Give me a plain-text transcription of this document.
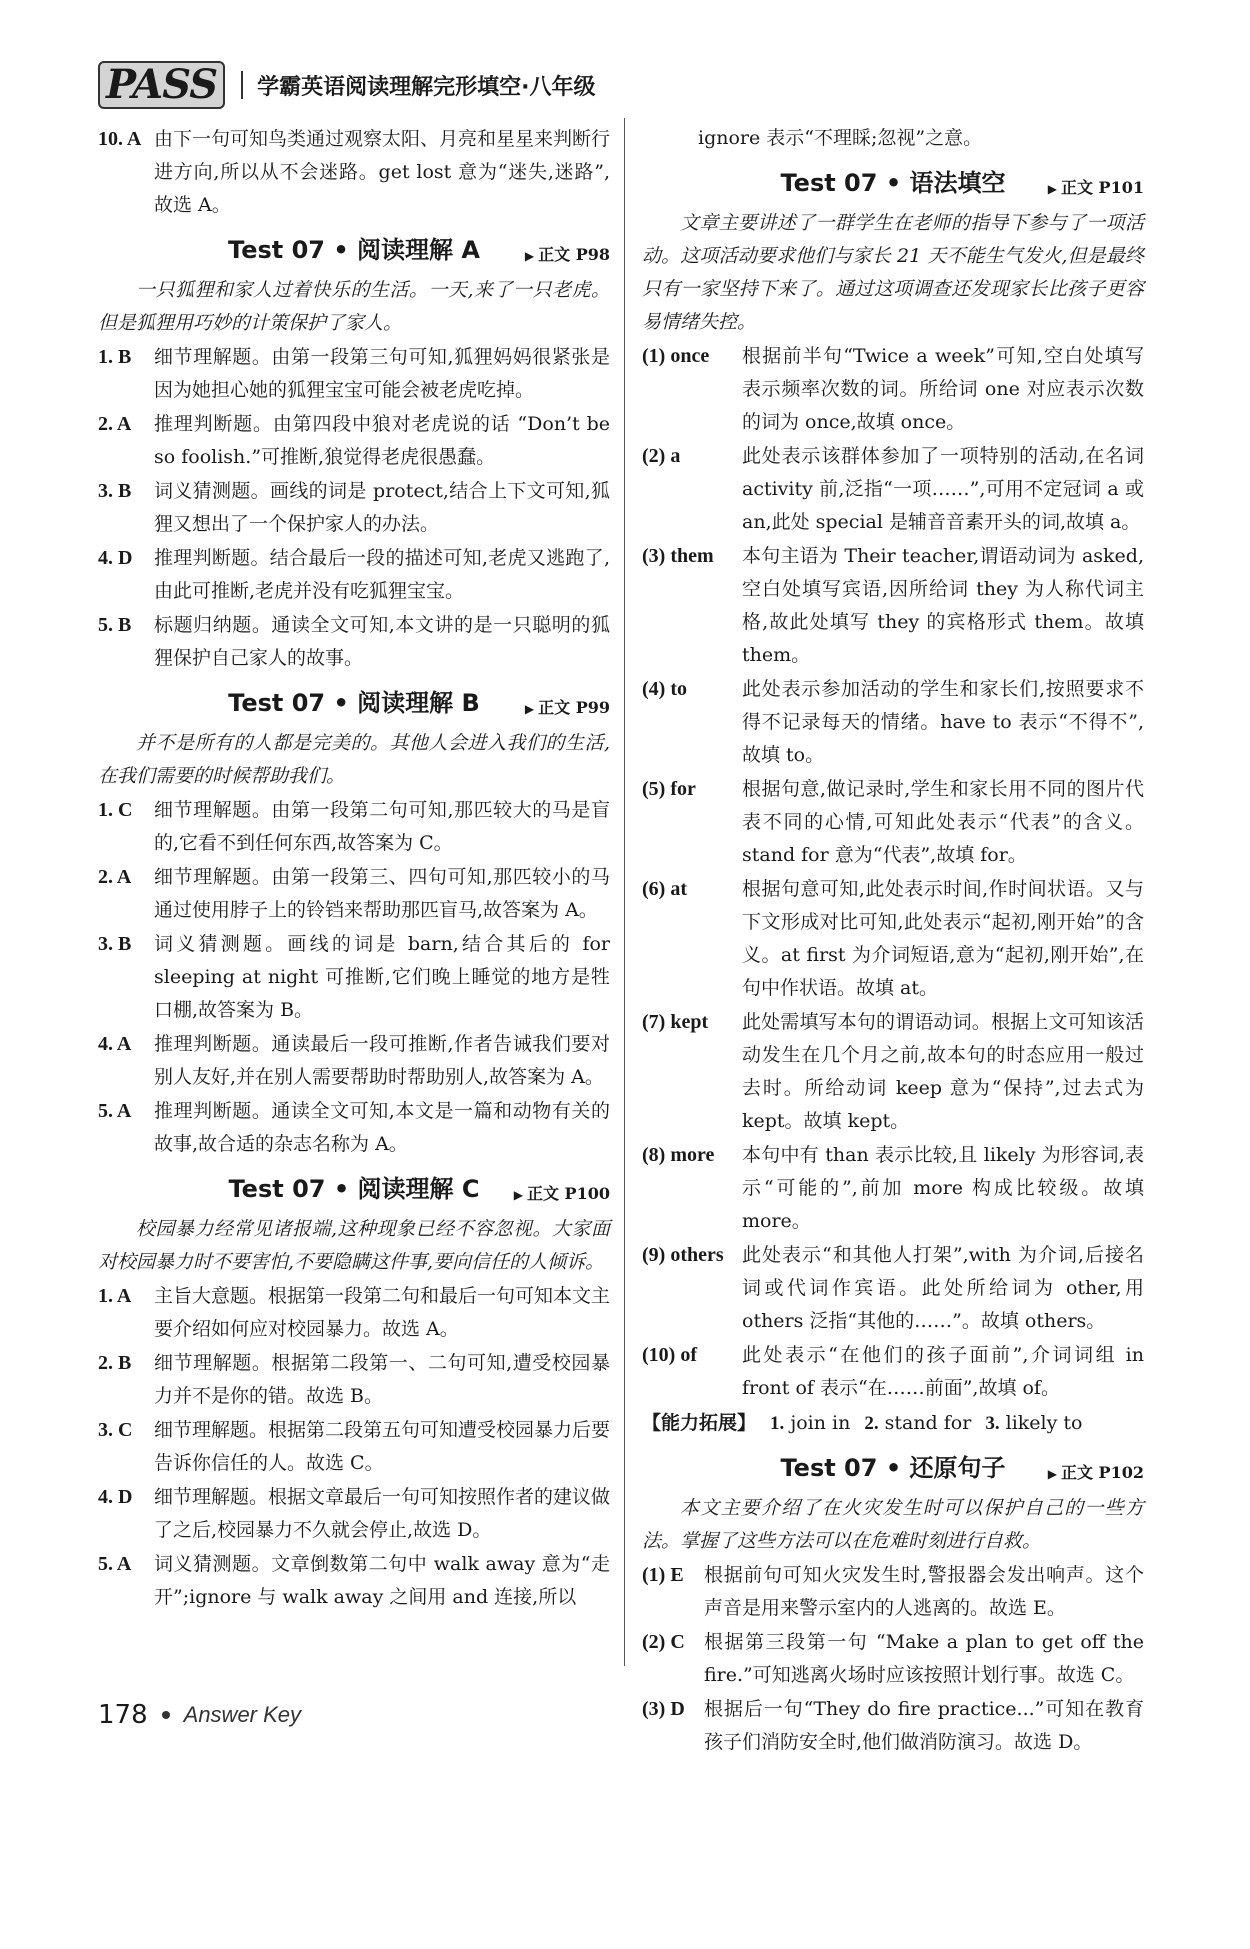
PASS	学霸英语阅读理解完形填空·八年级
10. A 由下一句可知鸟类通过观察太阳、月亮和星星来判断行进方向,所以从不会迷路。get lost 意为“迷失,迷路”,故选 A。
Test 07 • 阅读理解 A	▶ 正文 P98
一只狐狸和家人过着快乐的生活。一天,来了一只老虎。但是狐狸用巧妙的计策保护了家人。
1. B	细节理解题。由第一段第三句可知,狐狸妈妈很紧张是因为她担心她的狐狸宝宝可能会被老虎吃掉。
2. A	推理判断题。由第四段中狼对老虎说的话 “Don’t be so foolish.”可推断,狼觉得老虎很愚蠢。
3. B	词义猜测题。画线的词是 protect,结合上下文可知,狐狸又想出了一个保护家人的办法。
4. D	推理判断题。结合最后一段的描述可知,老虎又逃跑了,由此可推断,老虎并没有吃狐狸宝宝。
5. B	标题归纳题。通读全文可知,本文讲的是一只聪明的狐狸保护自己家人的故事。
Test 07 • 阅读理解 B	▶ 正文 P99
并不是所有的人都是完美的。其他人会进入我们的生活,在我们需要的时候帮助我们。
1. C	细节理解题。由第一段第二句可知,那匹较大的马是盲的,它看不到任何东西,故答案为 C。
2. A	细节理解题。由第一段第三、四句可知,那匹较小的马通过使用脖子上的铃铛来帮助那匹盲马,故答案为 A。
3. B	词义猜测题。画线的词是 barn,结合其后的 for sleeping at night 可推断,它们晚上睡觉的地方是牲口棚,故答案为 B。
4. A	推理判断题。通读最后一段可推断,作者告诫我们要对别人友好,并在别人需要帮助时帮助别人,故答案为 A。
5. A	推理判断题。通读全文可知,本文是一篇和动物有关的故事,故合适的杂志名称为 A。
Test 07 • 阅读理解 C	▶ 正文 P100
校园暴力经常见诸报端,这种现象已经不容忽视。大家面对校园暴力时不要害怕,不要隐瞒这件事,要向信任的人倾诉。
1. A	主旨大意题。根据第一段第二句和最后一句可知本文主要介绍如何应对校园暴力。故选 A。
2. B	细节理解题。根据第二段第一、二句可知,遭受校园暴力并不是你的错。故选 B。
3. C	细节理解题。根据第二段第五句可知遭受校园暴力后要告诉你信任的人。故选 C。
4. D	细节理解题。根据文章最后一句可知按照作者的建议做了之后,校园暴力不久就会停止,故选 D。
5. A	词义猜测题。文章倒数第二句中 walk away 意为“走开”;ignore 与 walk away 之间用 and 连接,所以
ignore 表示“不理睬;忽视”之意。
Test 07 • 语法填空	▶ 正文 P101
文章主要讲述了一群学生在老师的指导下参与了一项活动。这项活动要求他们与家长 21 天不能生气发火,但是最终只有一家坚持下来了。通过这项调查还发现家长比孩子更容易情绪失控。
(1) once	根据前半句“Twice a week”可知,空白处填写表示频率次数的词。所给词 one 对应表示次数的词为 once,故填 once。
(2) a	此处表示该群体参加了一项特别的活动,在名词 activity 前,泛指“一项……”,可用不定冠词 a 或 an,此处 special 是辅音音素开头的词,故填 a。
(3) them	本句主语为 Their teacher,谓语动词为 asked,空白处填写宾语,因所给词 they 为人称代词主格,故此处填写 they 的宾格形式 them。故填 them。
(4) to	此处表示参加活动的学生和家长们,按照要求不得不记录每天的情绪。have to 表示“不得不”,故填 to。
(5) for	根据句意,做记录时,学生和家长用不同的图片代表不同的心情,可知此处表示“代表”的含义。stand for 意为“代表”,故填 for。
(6) at	根据句意可知,此处表示时间,作时间状语。又与下文形成对比可知,此处表示“起初,刚开始”的含义。at first 为介词短语,意为“起初,刚开始”,在句中作状语。故填 at。
(7) kept	此处需填写本句的谓语动词。根据上文可知该活动发生在几个月之前,故本句的时态应用一般过去时。所给动词 keep 意为“保持”,过去式为 kept。故填 kept。
(8) more	本句中有 than 表示比较,且 likely 为形容词,表示“可能的”,前加 more 构成比较级。故填 more。
(9) others 此处表示“和其他人打架”,with 为介词,后接名词或代词作宾语。此处所给词为 other,用 others 泛指“其他的……”。故填 others。
(10) of	此处表示“在他们的孩子面前”,介词词组 in front of 表示“在……前面”,故填 of。
【能力拓展】 1. join in 2. stand for 3. likely to
Test 07 • 还原句子	▶ 正文 P102
本文主要介绍了在火灾发生时可以保护自己的一些方法。掌握了这些方法可以在危难时刻进行自救。
(1) E	根据前句可知火灾发生时,警报器会发出响声。这个声音是用来警示室内的人逃离的。故选 E。
(2) C	根据第三段第一句 “Make a plan to get off the fire.”可知逃离火场时应该按照计划行事。故选 C。
(3) D	根据后一句“They do fire practice...”可知在教育孩子们消防安全时,他们做消防演习。故选 D。
178 Answer Key
